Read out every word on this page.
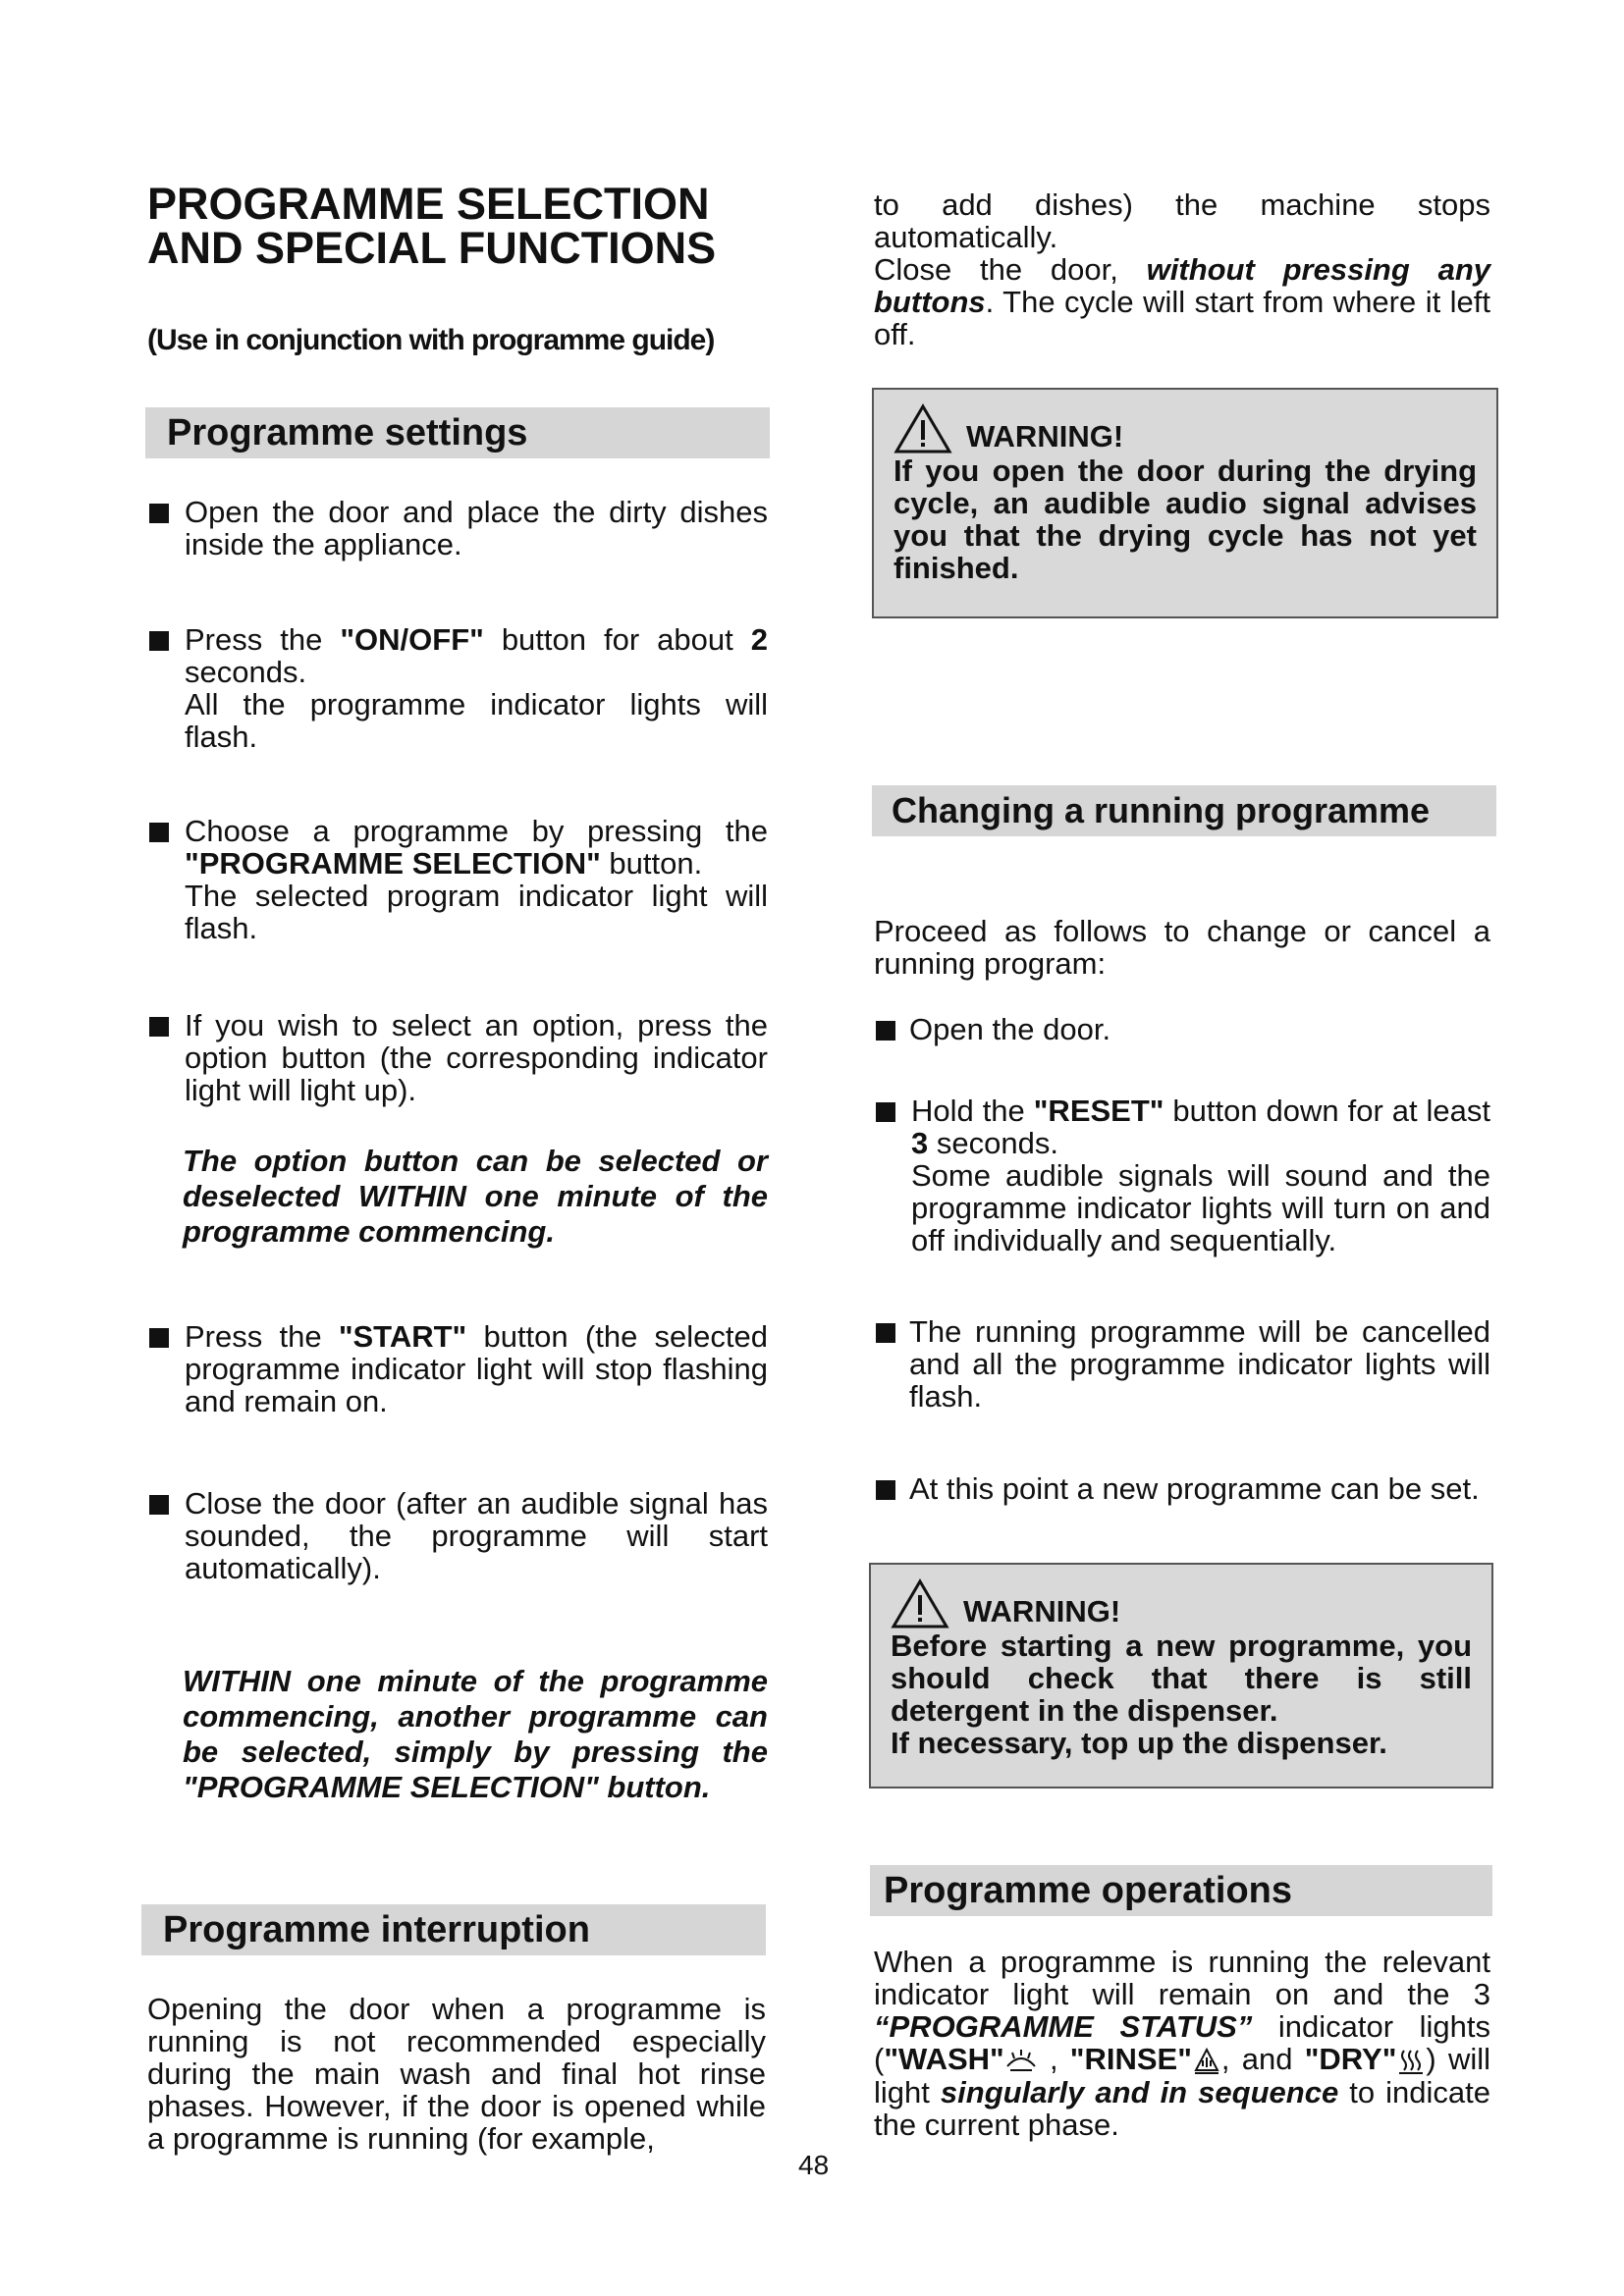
PROGRAMME SELECTION
AND SPECIAL FUNCTIONS
(Use in conjunction with programme guide)
Programme settings
Open the door and place the dirty dishes inside the appliance.
Press the "ON/OFF" button for about 2 seconds.
All the programme indicator lights will flash.
Choose a programme by pressing the "PROGRAMME SELECTION" button.
The selected program indicator light will flash.
If you wish to select an option, press the option button (the corresponding indicator light will light up).
The option button can be selected or deselected WITHIN one minute of the programme commencing.
Press the "START" button (the selected programme indicator light will stop flashing and remain on.
Close the door (after an audible signal has sounded, the programme will start automatically).
WITHIN one minute of the programme commencing, another programme can be selected, simply by pressing the "PROGRAMME SELECTION" button.
Programme interruption
Opening the door when a programme is running is not recommended especially during the main wash and final hot rinse phases. However, if the door is opened while a programme is running (for example,
to add dishes) the machine stops automatically.
Close the door, without pressing any buttons. The cycle will start from where it left off.
WARNING!
If you open the door during the drying cycle, an audible audio signal advises you that the drying cycle has not yet finished.
Changing a running programme
Proceed as follows to change or cancel a running program:
Open the door.
Hold the "RESET" button down for at least 3 seconds.
Some audible signals will sound and the programme indicator lights will turn on and off individually and sequentially.
The running programme will be cancelled and all the programme indicator lights will flash.
At this point a new programme can be set.
WARNING!
Before starting a new programme, you should check that there is still detergent in the dispenser.
If necessary, top up the dispenser.
Programme operations
When a programme is running the relevant indicator light will remain on and the 3 “PROGRAMME STATUS” indicator lights ("WASH" , "RINSE" , and "DRY" ) will light singularly and in sequence to indicate the current phase.
48
